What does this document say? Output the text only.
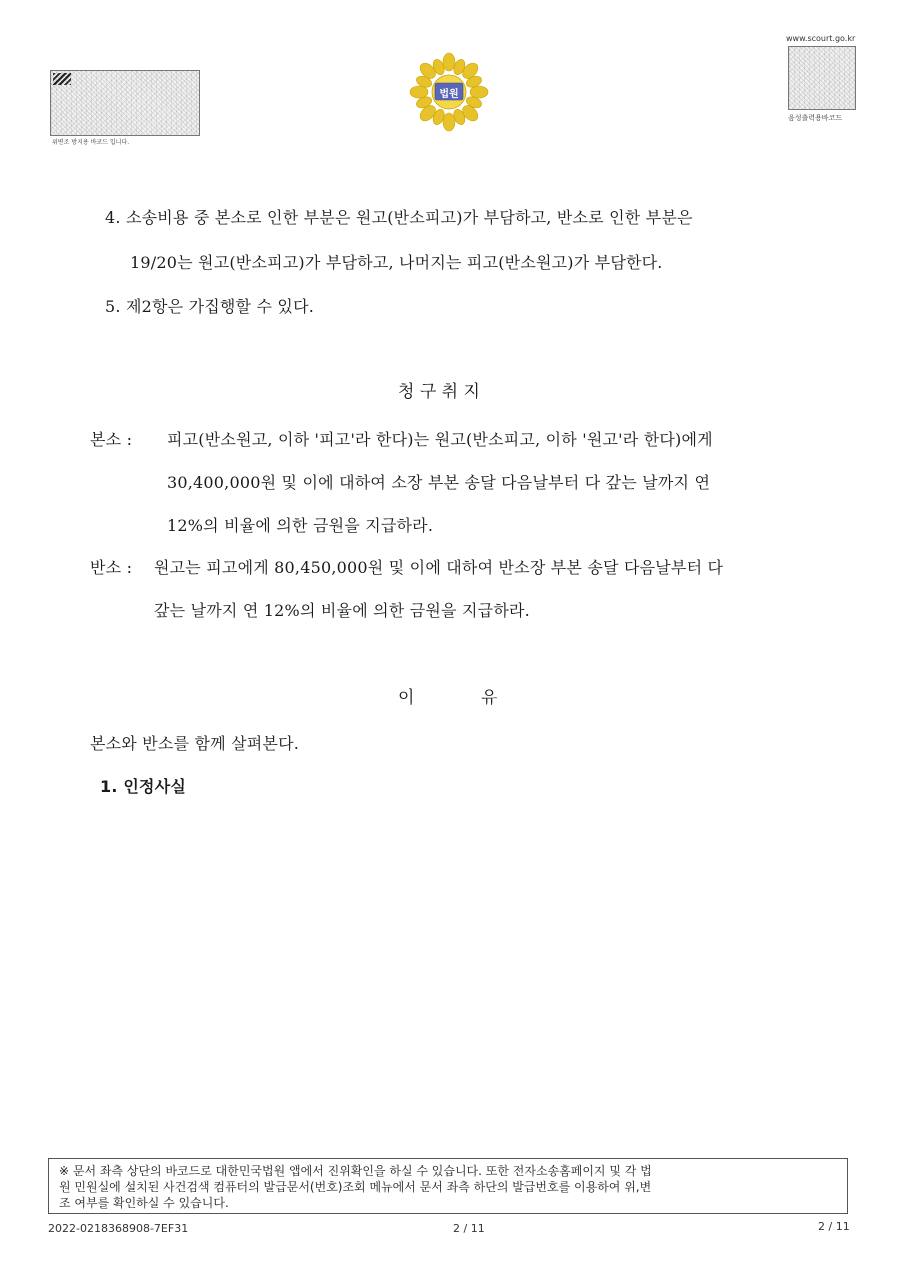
위변조 방지용 바코드 입니다.
법원
www.scourt.go.kr
음성출력용바코드
4. 소송비용 중 본소로 인한 부분은 원고(반소피고)가 부담하고, 반소로 인한 부분은
19/20는 원고(반소피고)가 부담하고, 나머지는 피고(반소원고)가 부담한다.
5. 제2항은 가집행할 수 있다.
청 구 취 지
본소 : 피고(반소원고, 이하 '피고'라 한다)는 원고(반소피고, 이하 '원고'라 한다)에게
30,400,000원 및 이에 대하여 소장 부본 송달 다음날부터 다 갚는 날까지 연
12%의 비율에 의한 금원을 지급하라.
반소 : 원고는 피고에게 80,450,000원 및 이에 대하여 반소장 부본 송달 다음날부터 다
갚는 날까지 연 12%의 비율에 의한 금원을 지급하라.
이	유
본소와 반소를 함께 살펴본다.
1. 인정사실
※ 문서 좌측 상단의 바코드로 대한민국법원 앱에서 진위확인을 하실 수 있습니다. 또한 전자소송홈페이지 및 각 법
원 민원실에 설치된 사건검색 컴퓨터의 발급문서(번호)조회 메뉴에서 문서 좌측 하단의 발급번호를 이용하여 위,변
조 여부를 확인하실 수 있습니다.
2022-0218368908-7EF31	2 / 11	2 / 11
